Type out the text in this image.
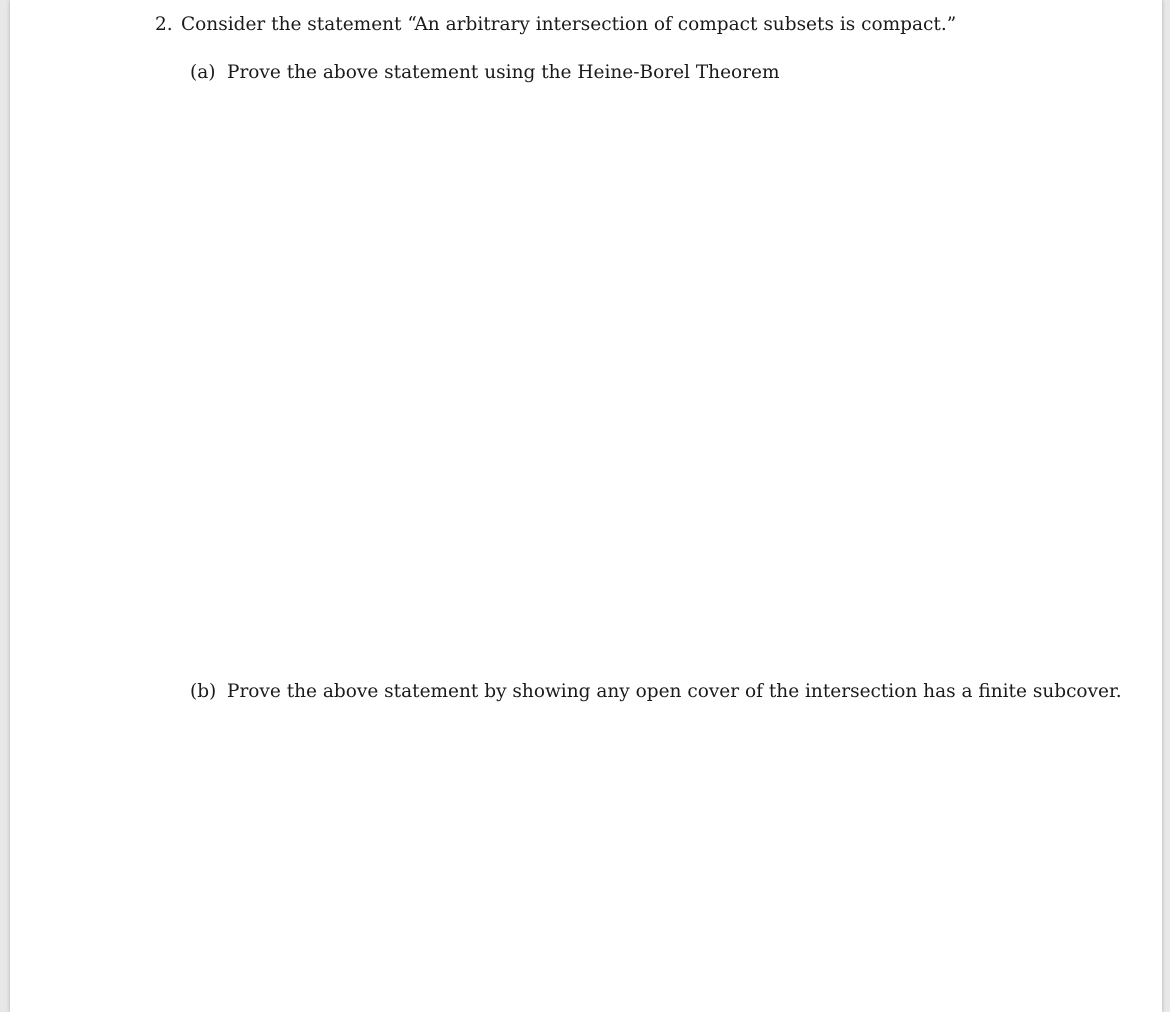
2. Consider the statement “An arbitrary intersection of compact subsets is compact.”
(a) Prove the above statement using the Heine-Borel Theorem
(b) Prove the above statement by showing any open cover of the intersection has a finite subcover.
